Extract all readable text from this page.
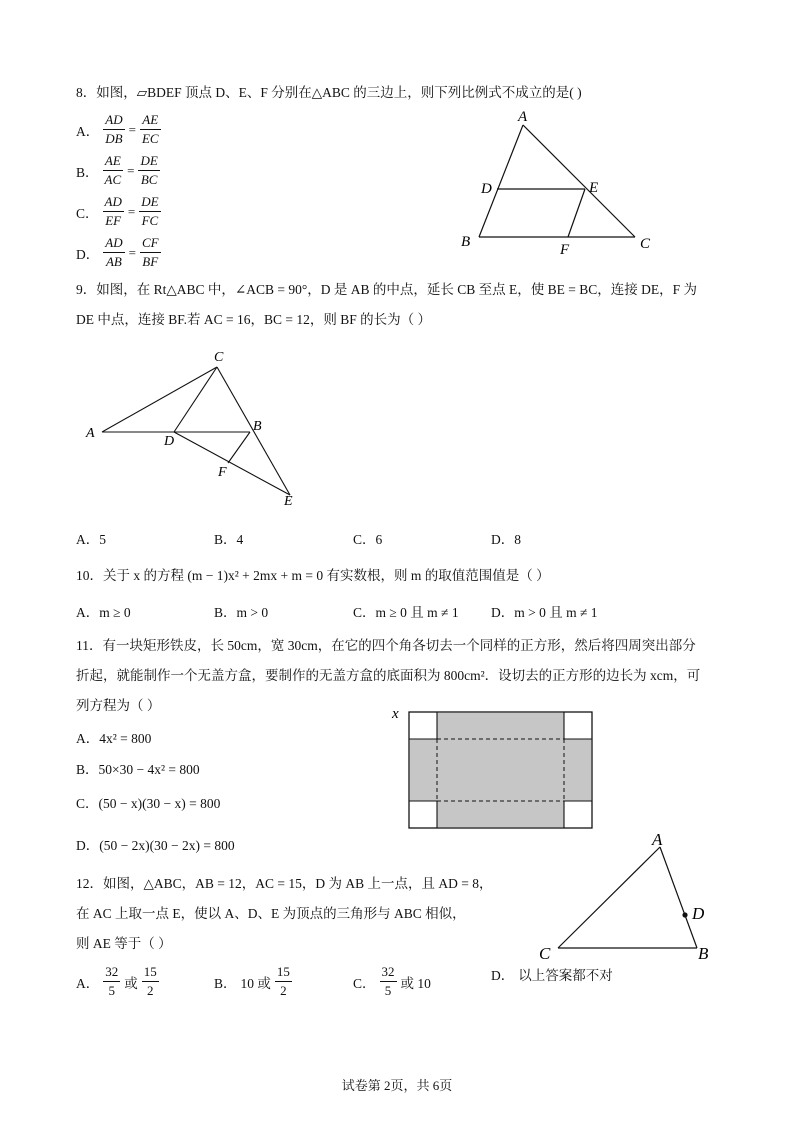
8．如图，▱BDEF 顶点 D、E、F 分别在△ABC 的三边上，则下列比例式不成立的是( )
A． $\frac{AD}{DB} = \frac{AE}{EC}$
B． $\frac{AE}{AC} = \frac{DE}{BC}$
C． $\frac{AD}{EF} = \frac{DE}{FC}$
D． $\frac{AD}{AB} = \frac{CF}{BF}$
A
D	E
B	F	C
9．如图，在 Rt△ABC 中，∠ACB = 90°，D 是 AB 的中点，延长 CB 至点 E，使 BE = BC，连接 DE，F 为
DE 中点，连接 BF.若 AC = 16，BC = 12，则 BF 的长为（ ）
C
A
D
B
F
E
A．5	B．4	C．6	D．8
10．关于 x 的方程 (m − 1)x² + 2mx + m = 0 有实数根，则 m 的取值范围值是（ ）
A．m ≥ 0	B．m > 0	C．m ≥ 0 且 m ≠ 1 D．m > 0 且 m ≠ 1
11．有一块矩形铁皮，长 50cm，宽 30cm，在它的四个角各切去一个同样的正方形，然后将四周突出部分
折起，就能制作一个无盖方盒，要制作的无盖方盒的底面积为 800cm²．设切去的正方形的边长为 xcm，可
列方程为（ ）
A．4x² = 800
B．50×30 − 4x² = 800
C．(50 − x)(30 − x) = 800
D．(50 − 2x)(30 − 2x) = 800
x
12．如图，△ABC，AB = 12，AC = 15，D 为 AB 上一点，且 AD = 8，
在 AC 上取一点 E，使以 A、D、E 为顶点的三角形与 ABC 相似，
则 AE 等于（ ）
A． $\frac{32}{5}$ 或 $\frac{15}{2}$	B． 10 或 $\frac{15}{2}$	C． $\frac{32}{5}$ 或 10	D． 以上答案都不对
A
D
C	B
试卷第 2页，共 6页
